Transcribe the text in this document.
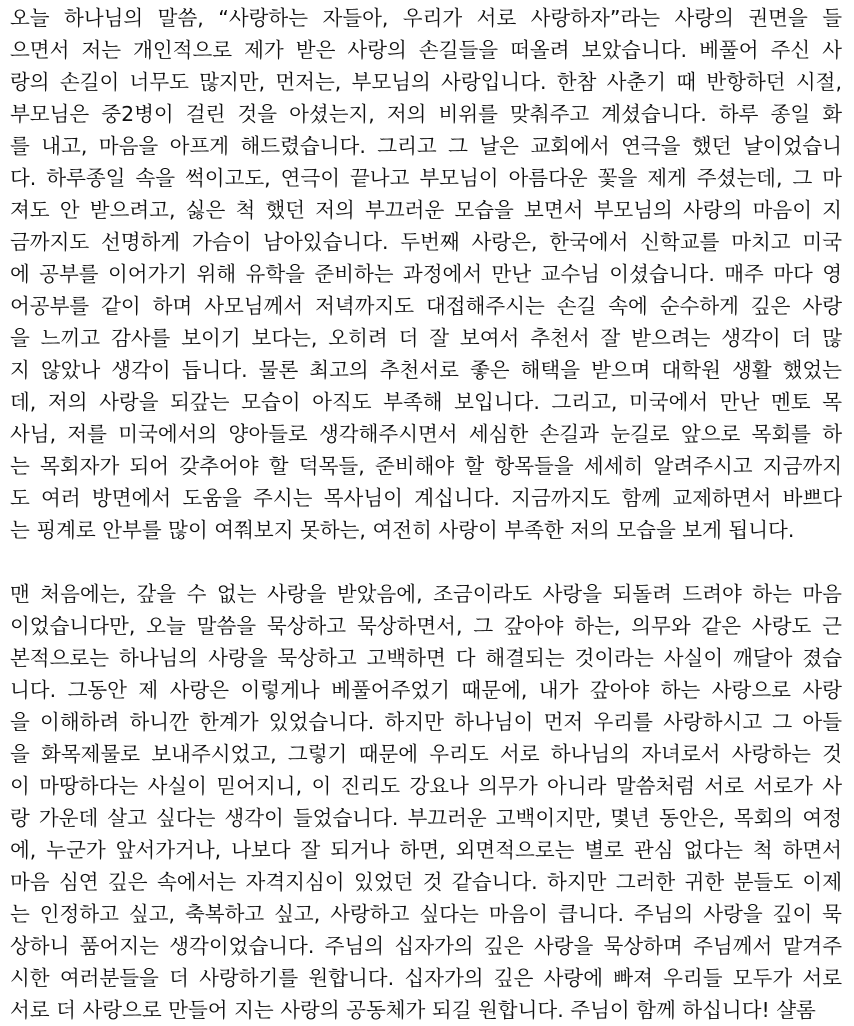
오늘 하나님의 말씀, “사랑하는 자들아, 우리가 서로 사랑하자”라는 사랑의 권면을 들
으면서 저는 개인적으로 제가 받은 사랑의 손길들을 떠올려 보았습니다. 베풀어 주신 사
랑의 손길이 너무도 많지만, 먼저는, 부모님의 사랑입니다. 한참 사춘기 때 반항하던 시절,
부모님은 중2병이 걸린 것을 아셨는지, 저의 비위를 맞춰주고 계셨습니다. 하루 종일 화
를 내고, 마음을 아프게 해드렸습니다. 그리고 그 날은 교회에서 연극을 했던 날이었습니
다. 하루종일 속을 썩이고도, 연극이 끝나고 부모님이 아름다운 꽃을 제게 주셨는데, 그 마
져도 안 받으려고, 싫은 척 했던 저의 부끄러운 모습을 보면서 부모님의 사랑의 마음이 지
금까지도 선명하게 가슴이 남아있습니다. 두번째 사랑은, 한국에서 신학교를 마치고 미국
에 공부를 이어가기 위해 유학을 준비하는 과정에서 만난 교수님 이셨습니다. 매주 마다 영
어공부를 같이 하며 사모님께서 저녁까지도 대접해주시는 손길 속에 순수하게 깊은 사랑
을 느끼고 감사를 보이기 보다는, 오히려 더 잘 보여서 추천서 잘 받으려는 생각이 더 많
지 않았나 생각이 듭니다. 물론 최고의 추천서로 좋은 해택을 받으며 대학원 생활 했었는
데, 저의 사랑을 되갚는 모습이 아직도 부족해 보입니다. 그리고, 미국에서 만난 멘토 목
사님, 저를 미국에서의 양아들로 생각해주시면서 세심한 손길과 눈길로 앞으로 목회를 하
는 목회자가 되어 갖추어야 할 덕목들, 준비해야 할 항목들을 세세히 알려주시고 지금까지
도 여러 방면에서 도움을 주시는 목사님이 계십니다. 지금까지도 함께 교제하면서 바쁘다
는 핑계로 안부를 많이 여쭤보지 못하는, 여전히 사랑이 부족한 저의 모습을 보게 됩니다.
맨 처음에는, 갚을 수 없는 사랑을 받았음에, 조금이라도 사랑을 되돌려 드려야 하는 마음
이었습니다만, 오늘 말씀을 묵상하고 묵상하면서, 그 갚아야 하는, 의무와 같은 사랑도 근
본적으로는 하나님의 사랑을 묵상하고 고백하면 다 해결되는 것이라는 사실이 깨달아 졌습
니다. 그동안 제 사랑은 이렇게나 베풀어주었기 때문에, 내가 갚아야 하는 사랑으로 사랑
을 이해하려 하니깐 한계가 있었습니다. 하지만 하나님이 먼저 우리를 사랑하시고 그 아들
을 화목제물로 보내주시었고, 그렇기 때문에 우리도 서로 하나님의 자녀로서 사랑하는 것
이 마땅하다는 사실이 믿어지니, 이 진리도 강요나 의무가 아니라 말씀처럼 서로 서로가 사
랑 가운데 살고 싶다는 생각이 들었습니다. 부끄러운 고백이지만, 몇년 동안은, 목회의 여정
에, 누군가 앞서가거나, 나보다 잘 되거나 하면, 외면적으로는 별로 관심 없다는 척 하면서
마음 심연 깊은 속에서는 자격지심이 있었던 것 같습니다. 하지만 그러한 귀한 분들도 이제
는 인정하고 싶고, 축복하고 싶고, 사랑하고 싶다는 마음이 큽니다. 주님의 사랑을 깊이 묵
상하니 품어지는 생각이었습니다. 주님의 십자가의 깊은 사랑을 묵상하며 주님께서 맡겨주
시한 여러분들을 더 사랑하기를 원합니다. 십자가의 깊은 사랑에 빠져 우리들 모두가 서로
서로 더 사랑으로 만들어 지는 사랑의 공동체가 되길 원합니다. 주님이 함께 하십니다! 샬롬
